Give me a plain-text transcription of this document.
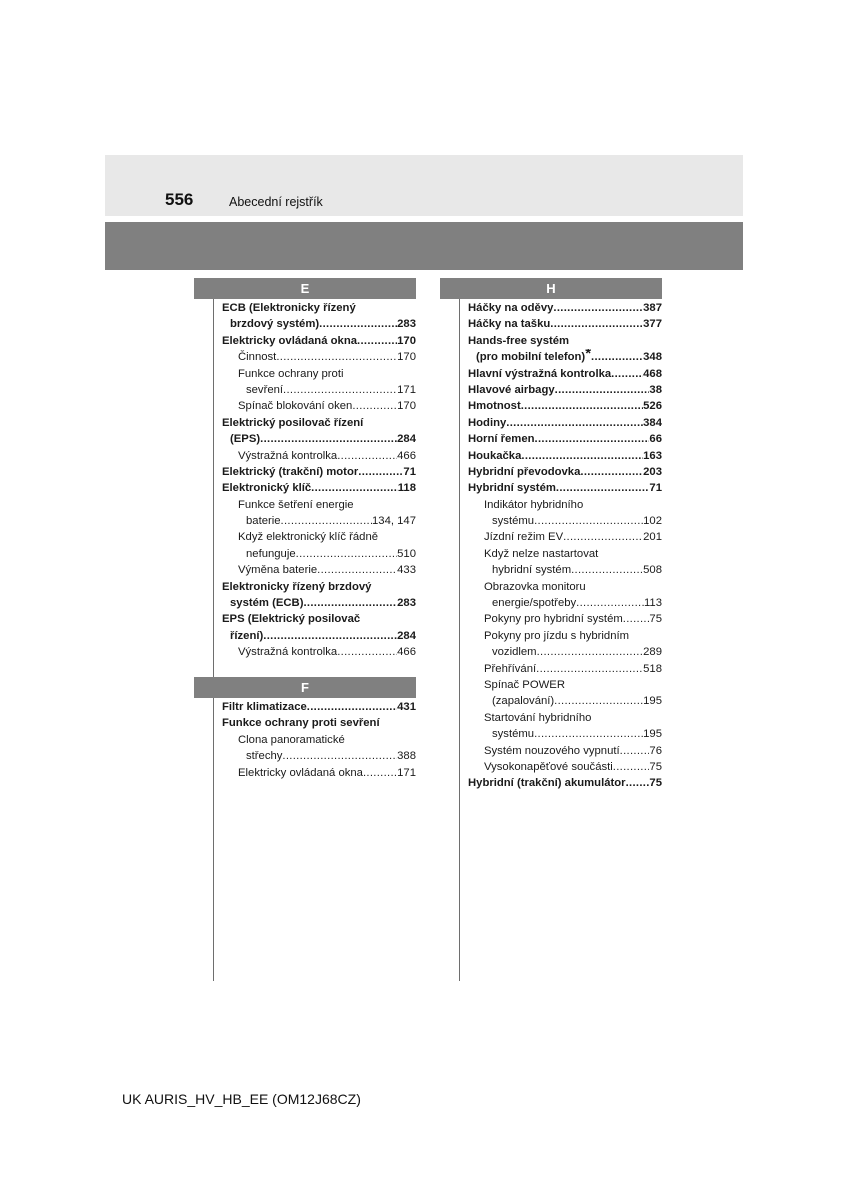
556	Abecední rejstřík
E
ECB (Elektronicky řízený
brzdový systém) .....	283
Elektricky ovládaná okna .....	170
Činnost .....	170
Funkce ochrany proti
sevření .....	171
Spínač blokování oken .....	170
Elektrický posilovač řízení
(EPS) .....	284
Výstražná kontrolka .....	466
Elektrický (trakční) motor .....	71
Elektronický klíč .....	118
Funkce šetření energie
baterie .....	134, 147
Když elektronický klíč řádně
nefunguje .....	510
Výměna baterie .....	433
Elektronicky řízený brzdový
systém (ECB) .....	283
EPS (Elektrický posilovač
řízení) .....	284
Výstražná kontrolka .....	466
F
Filtr klimatizace .....	431
Funkce ochrany proti sevření
Clona panoramatické
střechy .....	388
Elektricky ovládaná okna .....	171
H
Háčky na oděvy .....	387
Háčky na tašku .....	377
Hands-free systém
(pro mobilní telefon) * .....	348
Hlavní výstražná kontrolka .....	468
Hlavové airbagy .....	38
Hmotnost .....	526
Hodiny .....	384
Horní řemen .....	66
Houkačka .....	163
Hybridní převodovka .....	203
Hybridní systém .....	71
Indikátor hybridního
systému .....	102
Jízdní režim EV .....	201
Když nelze nastartovat
hybridní systém .....	508
Obrazovka monitoru
energie/spotřeby .....	113
Pokyny pro hybridní systém ..... 75
Pokyny pro jízdu s hybridním
vozidlem .....	289
Přehřívání .....	518
Spínač POWER
(zapalování) .....	195
Startování hybridního
systému .....	195
Systém nouzového vypnutí .....	76
Vysokonapěťové součásti .....	75
Hybridní (trakční) akumulátor ..... 75
UK AURIS_HV_HB_EE (OM12J68CZ)
